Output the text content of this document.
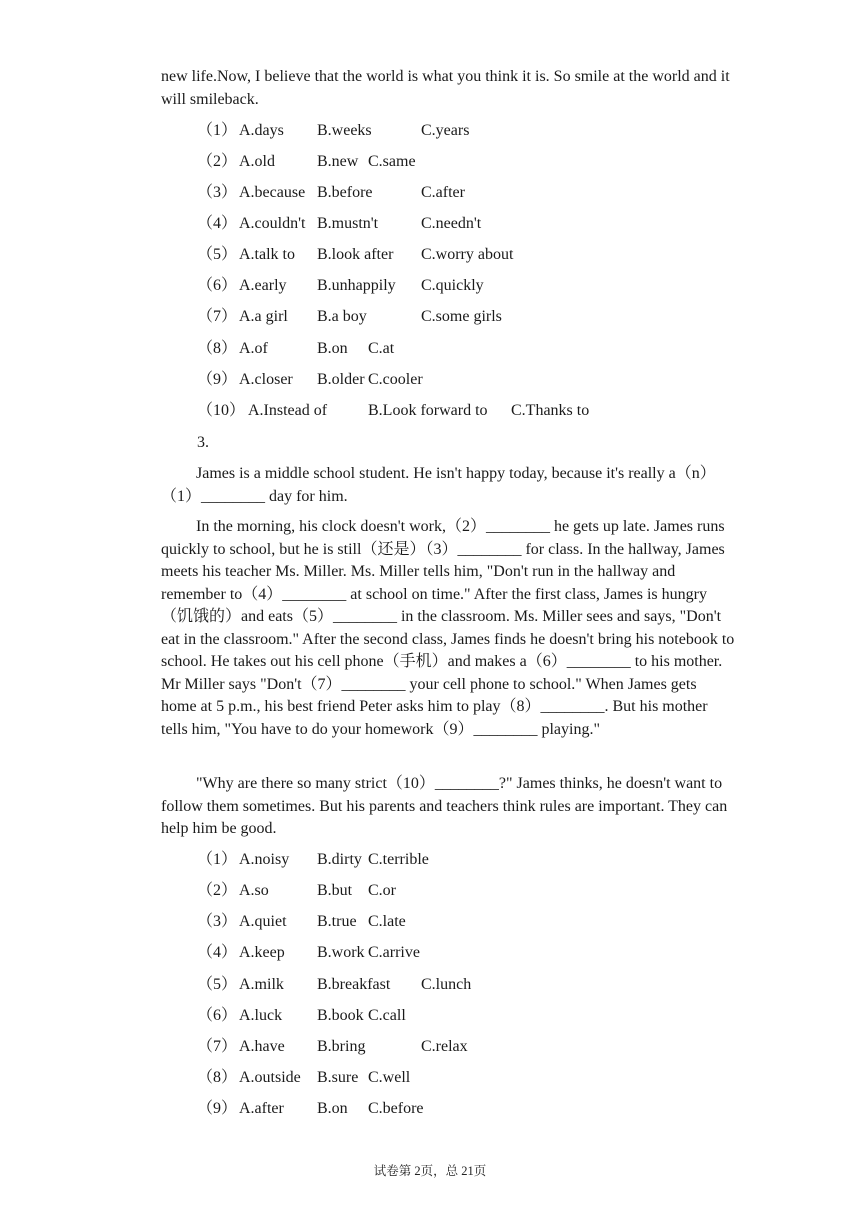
new life.Now, I believe that the world is what you think it is. So smile at the world and it will smileback.

（1） A.days B.weeks	C.years
（2） A.old	B.new C.same
（3） A.because B.before	C.after
（4） A.couldn't B.mustn't	C.needn't
（5） A.talk to B.look after C.worry about
（6） A.early B.unhappily C.quickly
（7） A.a girl B.a boy	C.some girls
（8） A.of	B.on C.at
（9） A.closer B.older C.cooler
（10） A.Instead of	B.Look forward to C.Thanks to
3.

James is a middle school student. He isn't happy today, because it's really a（n）（1）________ day for him.

In the morning, his clock doesn't work,（2）________ he gets up late. James runs quickly to school, but he is still（还是）（3）________ for class. In the hallway, James meets his teacher Ms. Miller. Ms. Miller tells him, "Don't run in the hallway and remember to（4）________ at school on time." After the first class, James is hungry（饥饿的）and eats（5）________ in the classroom. Ms. Miller sees and says, "Don't eat in the classroom." After the second class, James finds he doesn't bring his notebook to school. He takes out his cell phone（手机）and makes a（6）________ to his mother. Mr Miller says "Don't（7）________ your cell phone to school." When James gets home at 5 p.m., his best friend Peter asks him to play（8）________. But his mother tells him, "You have to do your homework（9）________ playing."

"Why are there so many strict（10）________?" James thinks, he doesn't want to follow them sometimes. But his parents and teachers think rules are important. They can help him be good.

（1） A.noisy B.dirty C.terrible
（2） A.so	B.but C.or
（3） A.quiet B.true C.late
（4） A.keep B.work C.arrive
（5） A.milk B.breakfast C.lunch
（6） A.luck B.book C.call
（7） A.have B.bring	C.relax
（8） A.outside B.sure C.well
（9） A.after B.on C.before
试卷第 2页，总 21页
